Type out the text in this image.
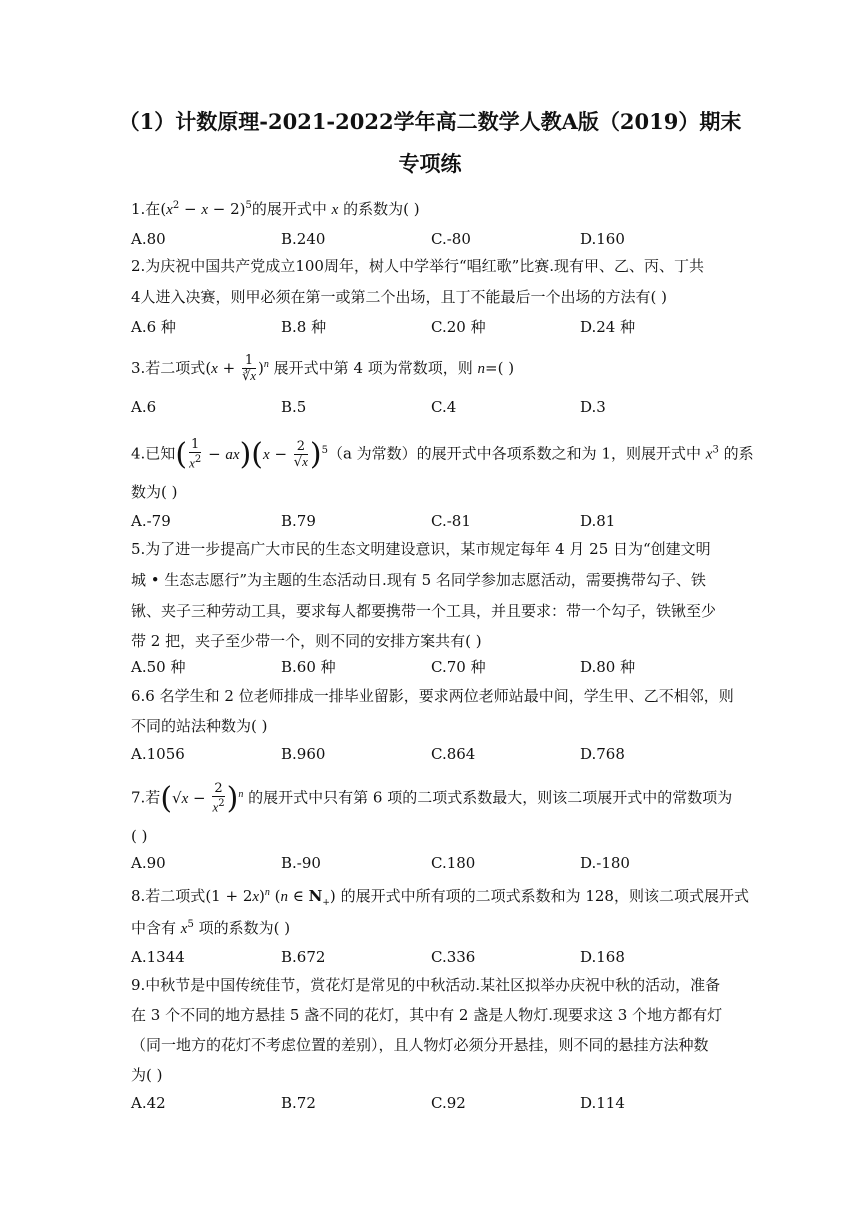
（1）计数原理-2021-2022学年高二数学人教A版（2019）期末
专项练
1.在$(x^2 - x - 2)^5$的展开式中 x 的系数为( )
A.80	B.240	C.-80	D.160
2.为庆祝中国共产党成立100周年，树人中学举行“唱红歌”比赛.现有甲、乙、丙、丁共
4人进入决赛，则甲必须在第一或第二个出场，且丁不能最后一个出场的方法有( )
A.6 种	B.8 种	C.20 种	D.24 种
3.若二项式$(x + \frac{1}{∛x} )^n$ 展开式中第 4 项为常数项，则 n=( )
A.6	B.5	C.4	D.3
4.已知( $\frac{1}{x^2} - ax)(x - \frac{2}{√x} )^5(a$ 为常数）的展开式中各项系数之和为 1，则展开式中 $x^3$ 的系
数为( )
A.-79	B.79	C.-81	D.81
5.为了进一步提高广大市民的生态文明建设意识，某市规定每年 4 月 25 日为“创建文明
城 • 生态志愿行”为主题的生态活动日.现有 5 名同学参加志愿活动，需要携带勾子、铁
锹、夹子三种劳动工具，要求每人都要携带一个工具，并且要求：带一个勾子，铁锹至少
带 2 把，夹子至少带一个，则不同的安排方案共有( )
A.50 种	B.60 种	C.70 种	D.80 种
6.6 名学生和 2 位老师排成一排毕业留影，要求两位老师站最中间，学生甲、乙不相邻，则
不同的站法种数为( )
A.1056	B.960	C.864	D.768
7.若$(√x - \frac{2}{x^2} )^n$ 的展开式中只有第 6 项的二项式系数最大，则该二项展开式中的常数项为
( )
A.90	B.-90	C.180	D.-180
8.若二项式$(1 + 2x)^n$ (n ∈ $N_+$) 的展开式中所有项的二项式系数和为 128，则该二项式展开式
中含有 $x^5$ 项的系数为( )
A.1344	B.672	C.336	D.168
9.中秋节是中国传统佳节，赏花灯是常见的中秋活动.某社区拟举办庆祝中秋的活动，准备
在 3 个不同的地方悬挂 5 盏不同的花灯，其中有 2 盏是人物灯.现要求这 3 个地方都有灯
（同一地方的花灯不考虑位置的差别），且人物灯必须分开悬挂，则不同的悬挂方法种数
为( )
A.42	B.72	C.92	D.114
